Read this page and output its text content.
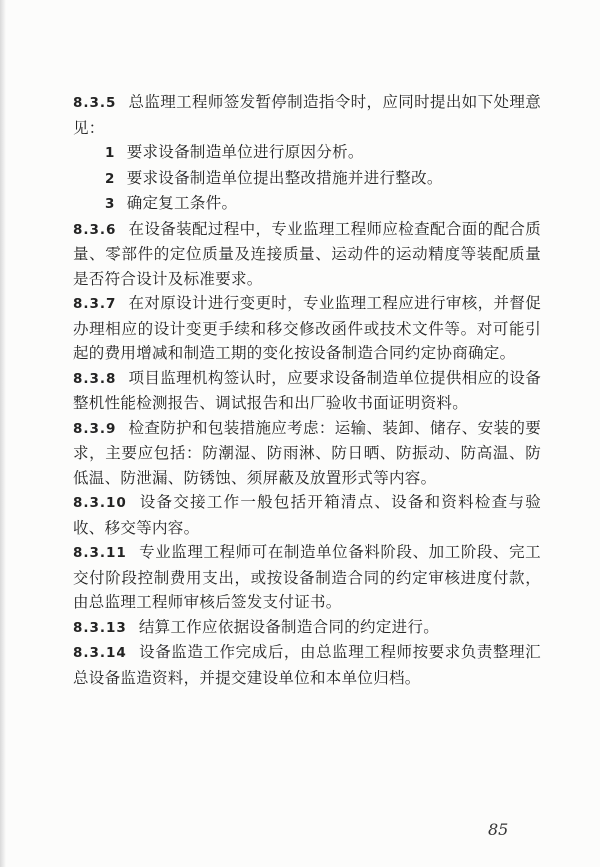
8.3.5 总监理工程师签发暂停制造指令时，应同时提出如下处理意见：

1 要求设备制造单位进行原因分析。
2 要求设备制造单位提出整改措施并进行整改。
3 确定复工条件。

8.3.6 在设备装配过程中，专业监理工程师应检查配合面的配合质量、零部件的定位质量及连接质量、运动件的运动精度等装配质量是否符合设计及标准要求。

8.3.7 在对原设计进行变更时，专业监理工程应进行审核，并督促办理相应的设计变更手续和移交修改函件或技术文件等。对可能引起的费用增减和制造工期的变化按设备制造合同约定协商确定。

8.3.8 项目监理机构签认时，应要求设备制造单位提供相应的设备整机性能检测报告、调试报告和出厂验收书面证明资料。

8.3.9 检查防护和包装措施应考虑：运输、装卸、储存、安装的要求，主要应包括：防潮湿、防雨淋、防日晒、防振动、防高温、防低温、防泄漏、防锈蚀、须屏蔽及放置形式等内容。

8.3.10 设备交接工作一般包括开箱清点、设备和资料检查与验收、移交等内容。

8.3.11 专业监理工程师可在制造单位备料阶段、加工阶段、完工交付阶段控制费用支出，或按设备制造合同的约定审核进度付款，由总监理工程师审核后签发支付证书。

8.3.13 结算工作应依据设备制造合同的约定进行。

8.3.14 设备监造工作完成后，由总监理工程师按要求负责整理汇总设备监造资料，并提交建设单位和本单位归档。

85
